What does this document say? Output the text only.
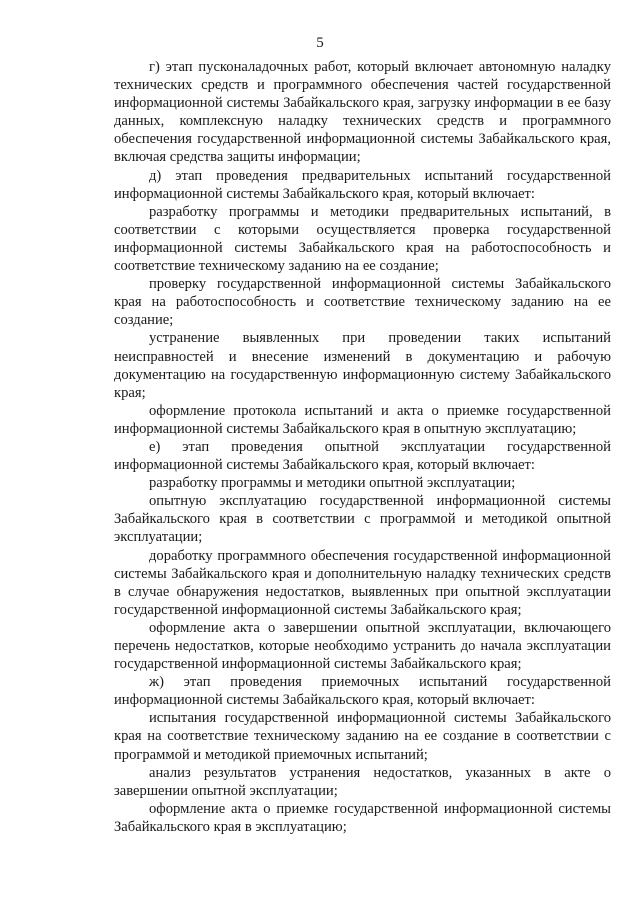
5

г) этап пусконаладочных работ, который включает автономную наладку технических средств и программного обеспечения частей государственной информационной системы Забайкальского края, загрузку информации в ее базу данных, комплексную наладку технических средств и программного обеспечения государственной информационной системы Забайкальского края, включая средства защиты информации;

д) этап проведения предварительных испытаний государственной информационной системы Забайкальского края, который включает:

разработку программы и методики предварительных испытаний, в соответствии с которыми осуществляется проверка государственной информационной системы Забайкальского края на работоспособность и соответствие техническому заданию на ее создание;

проверку государственной информационной системы Забайкальского края на работоспособность и соответствие техническому заданию на ее создание;

устранение выявленных при проведении таких испытаний неисправностей и внесение изменений в документацию и рабочую документацию на государственную информационную систему Забайкальского края;

оформление протокола испытаний и акта о приемке государственной информационной системы Забайкальского края в опытную эксплуатацию;

е) этап проведения опытной эксплуатации государственной информационной системы Забайкальского края, который включает:

разработку программы и методики опытной эксплуатации;

опытную эксплуатацию государственной информационной системы Забайкальского края в соответствии с программой и методикой опытной эксплуатации;

доработку программного обеспечения государственной информационной системы Забайкальского края и дополнительную наладку технических средств в случае обнаружения недостатков, выявленных при опытной эксплуатации государственной информационной системы Забайкальского края;

оформление акта о завершении опытной эксплуатации, включающего перечень недостатков, которые необходимо устранить до начала эксплуатации государственной информационной системы Забайкальского края;

ж) этап проведения приемочных испытаний государственной информационной системы Забайкальского края, который включает:

испытания государственной информационной системы Забайкальского края на соответствие техническому заданию на ее создание в соответствии с программой и методикой приемочных испытаний;

анализ результатов устранения недостатков, указанных в акте о завершении опытной эксплуатации;

оформление акта о приемке государственной информационной системы Забайкальского края в эксплуатацию;
